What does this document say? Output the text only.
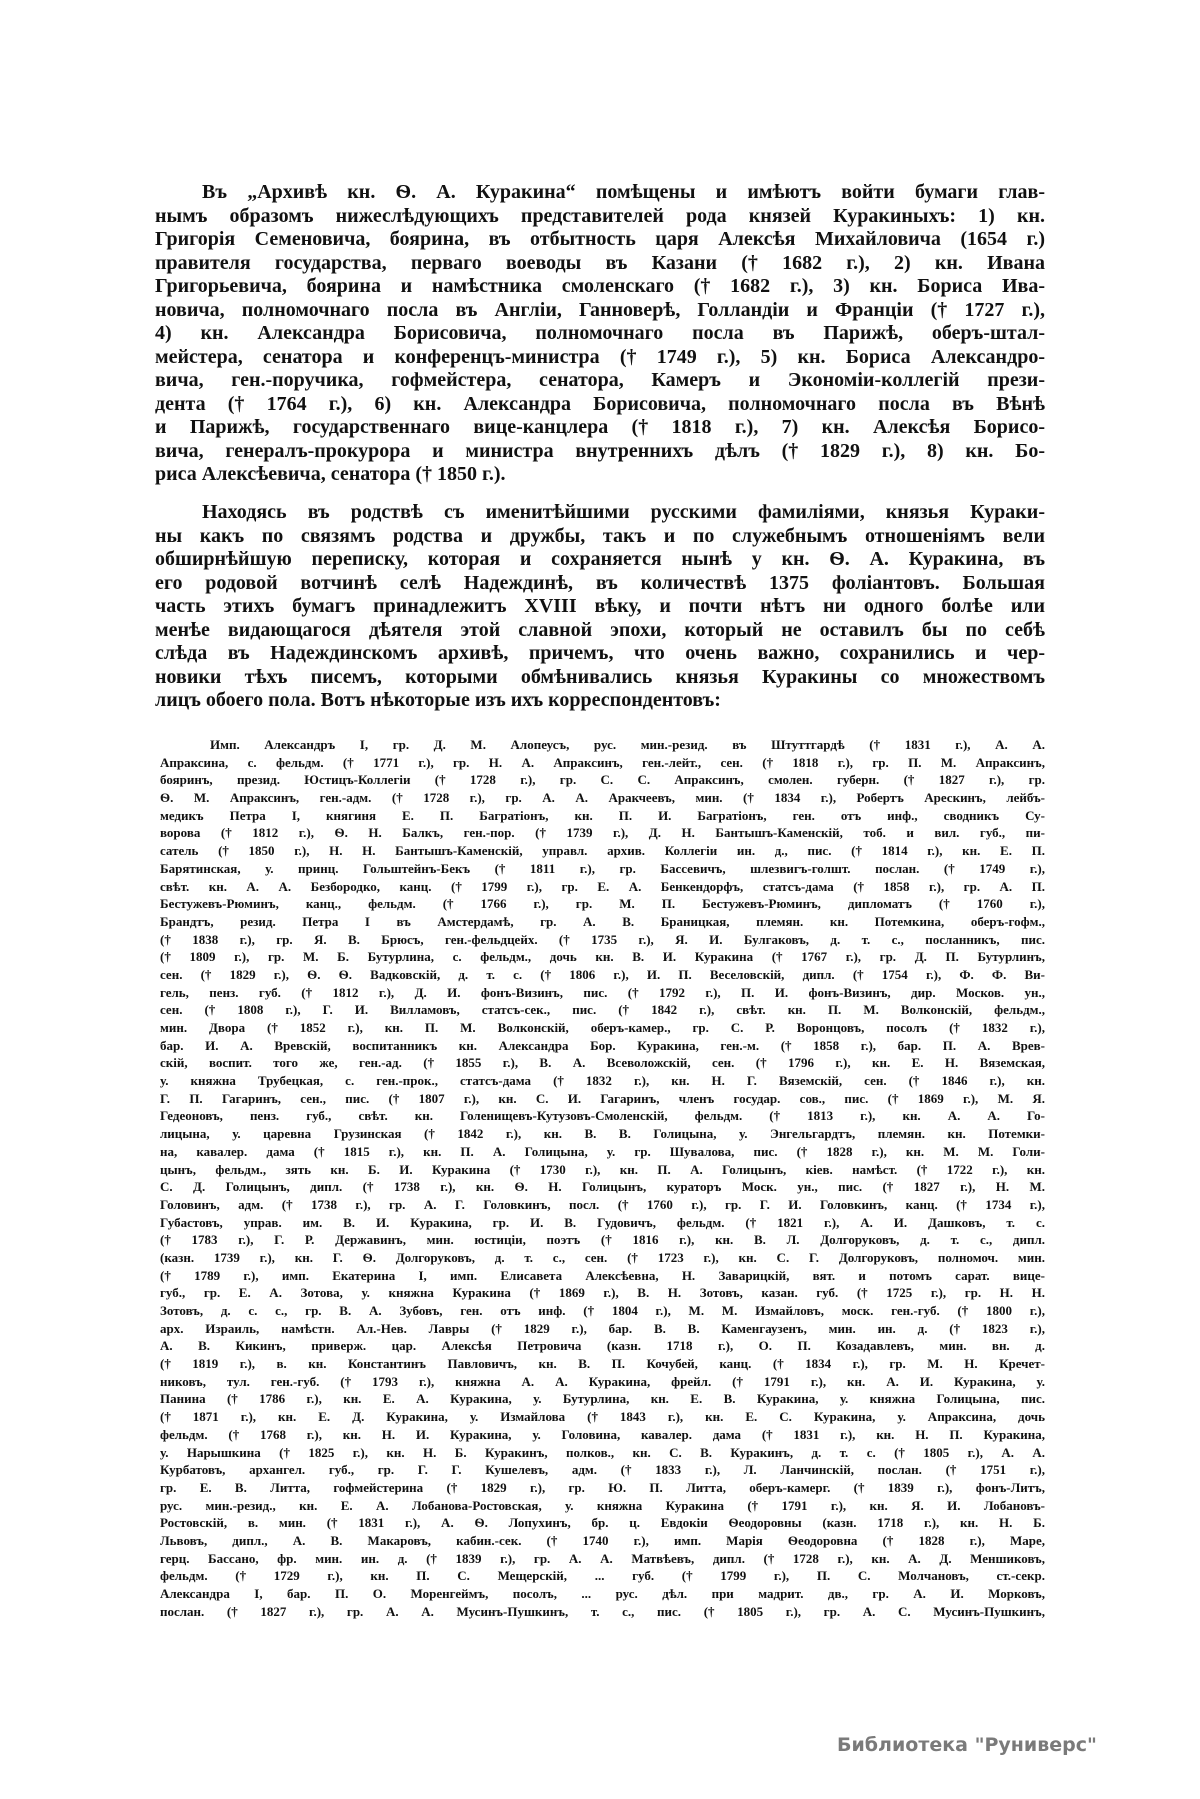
Въ „Архивѣ кн. Ѳ. А. Куракина“ помѣщены и имѣютъ войти бумаги глав-
нымъ образомъ нижеслѣдующихъ представителей рода князей Куракиныхъ: 1) кн.
Григорія Семеновича, боярина, въ отбытность царя Алексѣя Михайловича (1654 г.)
правителя государства, перваго воеводы въ Казани († 1682 г.), 2) кн. Ивана
Григорьевича, боярина и намѣстника смоленскаго († 1682 г.), 3) кн. Бориса Ива-
новича, полномочнаго посла въ Англіи, Ганноверѣ, Голландіи и Франціи († 1727 г.),
4) кн. Александра Борисовича, полномочнаго посла въ Парижѣ, оберъ-штал-
мейстера, сенатора и конференцъ-министра († 1749 г.), 5) кн. Бориса Александро-
вича, ген.-поручика, гофмейстера, сенатора, Камеръ и Экономіи-коллегій прези-
дента († 1764 г.), 6) кн. Александра Борисовича, полномочнаго посла въ Вѣнѣ
и Парижѣ, государственнаго вице-канцлера († 1818 г.), 7) кн. Алексѣя Борисо-
вича, генералъ-прокурора и министра внутреннихъ дѣлъ († 1829 г.), 8) кн. Бо-
риса Алексѣевича, сенатора († 1850 г.).
Находясь въ родствѣ съ именитѣйшими русскими фамиліями, князья Кураки-
ны какъ по связямъ родства и дружбы, такъ и по служебнымъ отношеніямъ вели
обширнѣйшую переписку, которая и сохраняется нынѣ у кн. Ѳ. А. Куракина, въ
его родовой вотчинѣ селѣ Надеждинѣ, въ количествѣ 1375 фоліантовъ. Большая
часть этихъ бумагъ принадлежитъ XVIII вѣку, и почти нѣтъ ни одного болѣе или
менѣе видающагося дѣятеля этой славной эпохи, который не оставилъ бы по себѣ
слѣда въ Надеждинскомъ архивѣ, причемъ, что очень важно, сохранились и чер-
новики тѣхъ писемъ, которыми обмѣнивались князья Куракины со множествомъ
лицъ обоего пола. Вотъ нѣкоторые изъ ихъ корреспондентовъ:
Имп. Александръ I, гр. Д. М. Алопеусъ, рус. мин.-резид. въ Штуттгардѣ († 1831 г.), А. А.
Апраксина, с. фельдм. († 1771 г.), гр. Н. А. Апраксинъ, ген.-лейт., сен. († 1818 г.), гр. П. М. Апраксинъ,
бояринъ, презид. Юстицъ-Коллегіи († 1728 г.), гр. С. С. Апраксинъ, смолен. губерн. († 1827 г.), гр.
Ѳ. М. Апраксинъ, ген.-адм. († 1728 г.), гр. А. А. Аракчеевъ, мин. († 1834 г.), Робертъ Арескинъ, лейбъ-
медикъ Петра I, княгиня Е. П. Багратіонъ, кн. П. И. Багратіонъ, ген. отъ инф., сводникъ Су-
ворова († 1812 г.), Ѳ. Н. Балкъ, ген.-пор. († 1739 г.), Д. Н. Бантышъ-Каменскій, тоб. и вил. губ., пи-
сатель († 1850 г.), Н. Н. Бантышъ-Каменскій, управл. архив. Коллегіи ин. д., пис. († 1814 г.), кн. Е. П.
Барятинская, у. принц. Гольштейнъ-Бекъ († 1811 г.), гр. Бассевичъ, шлезвигъ-голшт. послан. († 1749 г.),
свѣт. кн. А. А. Безбородко, канц. († 1799 г.), гр. Е. А. Бенкендорфъ, статсъ-дама († 1858 г.), гр. А. П.
Бестужевъ-Рюминъ, канц., фельдм. († 1766 г.), гр. М. П. Бестужевъ-Рюминъ, дипломатъ († 1760 г.),
Брандтъ, резид. Петра I въ Амстердамѣ, гр. А. В. Браницкая, племян. кн. Потемкина, оберъ-гофм.,
(† 1838 г.), гр. Я. В. Брюсъ, ген.-фельдцейх. († 1735 г.), Я. И. Булгаковъ, д. т. с., посланникъ, пис.
(† 1809 г.), гр. М. Б. Бутурлина, с. фельдм., дочь кн. В. И. Куракина († 1767 г.), гр. Д. П. Бутурлинъ,
сен. († 1829 г.), Ѳ. Ѳ. Вадковскій, д. т. с. († 1806 г.), И. П. Веселовскій, дипл. († 1754 г.), Ф. Ф. Ви-
гель, пенз. губ. († 1812 г.), Д. И. фонъ-Визинъ, пис. († 1792 г.), П. И. фонъ-Визинъ, дир. Москов. ун.,
сен. († 1808 г.), Г. И. Вилламовъ, статсъ-сек., пис. († 1842 г.), свѣт. кн. П. М. Волконскій, фельдм.,
мин. Двора († 1852 г.), кн. П. М. Волконскій, оберъ-камер., гр. С. Р. Воронцовъ, посолъ († 1832 г.),
бар. И. А. Вревскій, воспитанникъ кн. Александра Бор. Куракина, ген.-м. († 1858 г.), бар. П. А. Врев-
скій, воспит. того же, ген.-ад. († 1855 г.), В. А. Всеволожскій, сен. († 1796 г.), кн. Е. Н. Вяземская,
у. княжна Трубецкая, с. ген.-прок., статсъ-дама († 1832 г.), кн. Н. Г. Вяземскій, сен. († 1846 г.), кн.
Г. П. Гагаринъ, сен., пис. († 1807 г.), кн. С. И. Гагаринъ, членъ государ. сов., пис. († 1869 г.), М. Я.
Гедеоновъ, пенз. губ., свѣт. кн. Голенищевъ-Кутузовъ-Смоленскій, фельдм. († 1813 г.), кн. А. А. Го-
лицына, у. царевна Грузинская († 1842 г.), кн. В. В. Голицына, у. Энгельгардтъ, племян. кн. Потемки-
на, кавалер. дама († 1815 г.), кн. П. А. Голицына, у. гр. Шувалова, пис. († 1828 г.), кн. М. М. Голи-
цынъ, фельдм., зять кн. Б. И. Куракина († 1730 г.), кн. П. А. Голицынъ, кіев. намѣст. († 1722 г.), кн.
С. Д. Голицынъ, дипл. († 1738 г.), кн. Ѳ. Н. Голицынъ, кураторъ Моск. ун., пис. († 1827 г.), Н. М.
Головинъ, адм. († 1738 г.), гр. А. Г. Головкинъ, посл. († 1760 г.), гр. Г. И. Головкинъ, канц. († 1734 г.),
Губастовъ, управ. им. В. И. Куракина, гр. И. В. Гудовичъ, фельдм. († 1821 г.), А. И. Дашковъ, т. с.
(† 1783 г.), Г. Р. Державинъ, мин. юстиціи, поэтъ († 1816 г.), кн. В. Л. Долгоруковъ, д. т. с., дипл.
(казн. 1739 г.), кн. Г. Ѳ. Долгоруковъ, д. т. с., сен. († 1723 г.), кн. С. Г. Долгоруковъ, полномоч. мин.
(† 1789 г.), имп. Екатерина I, имп. Елисавета Алексѣевна, Н. Заварицкій, вят. и потомъ сарат. вице-
губ., гр. Е. А. Зотова, у. княжна Куракина († 1869 г.), В. Н. Зотовъ, казан. губ. († 1725 г.), гр. Н. Н.
Зотовъ, д. с. с., гр. В. А. Зубовъ, ген. отъ инф. († 1804 г.), М. М. Измайловъ, моск. ген.-губ. († 1800 г.),
арх. Израиль, намѣстн. Ал.-Нев. Лавры († 1829 г.), бар. В. В. Каменгаузенъ, мин. ин. д. († 1823 г.),
А. В. Кикинъ, приверж. цар. Алексѣя Петровича (казн. 1718 г.), О. П. Козадавлевъ, мин. вн. д.
(† 1819 г.), в. кн. Константинъ Павловичъ, кн. В. П. Кочубей, канц. († 1834 г.), гр. М. Н. Кречет-
никовъ, тул. ген.-губ. († 1793 г.), княжна А. А. Куракина, фрейл. († 1791 г.), кн. А. И. Куракина, у.
Панина († 1786 г.), кн. Е. А. Куракина, у. Бутурлина, кн. Е. В. Куракина, у. княжна Голицына, пис.
(† 1871 г.), кн. Е. Д. Куракина, у. Измайлова († 1843 г.), кн. Е. С. Куракина, у. Апраксина, дочь
фельдм. († 1768 г.), кн. Н. И. Куракина, у. Головина, кавалер. дама († 1831 г.), кн. Н. П. Куракина,
у. Нарышкина († 1825 г.), кн. Н. Б. Куракинъ, полков., кн. С. В. Куракинъ, д. т. с. († 1805 г.), А. А.
Курбатовъ, архангел. губ., гр. Г. Г. Кушелевъ, адм. († 1833 г.), Л. Ланчинскій, послан. († 1751 г.),
гр. Е. В. Литта, гофмейстерина († 1829 г.), гр. Ю. П. Литта, оберъ-камерг. († 1839 г.), фонъ-Литъ,
рус. мин.-резид., кн. Е. А. Лобанова-Ростовская, у. княжна Куракина († 1791 г.), кн. Я. И. Лобановъ-
Ростовскій, в. мин. († 1831 г.), А. Ѳ. Лопухинъ, бр. ц. Евдокіи Ѳеодоровны (казн. 1718 г.), кн. Н. Б.
Львовъ, дипл., А. В. Макаровъ, кабин.-сек. († 1740 г.), имп. Марія Ѳеодоровна († 1828 г.), Маре,
герц. Бассано, фр. мин. ин. д. († 1839 г.), гр. А. А. Матвѣевъ, дипл. († 1728 г.), кн. А. Д. Меншиковъ,
фельдм. († 1729 г.), кн. П. С. Мещерскій, ... губ. († 1799 г.), П. С. Молчановъ, ст.-секр.
Александра I, бар. П. О. Моренгеймъ, посолъ, ... рус. дѣл. при мадрит. дв., гр. А. И. Морковъ,
послан. († 1827 г.), гр. А. А. Мусинъ-Пушкинъ, т. с., пис. († 1805 г.), гр. А. С. Мусинъ-Пушкинъ,
Библиотека "Руниверс"
